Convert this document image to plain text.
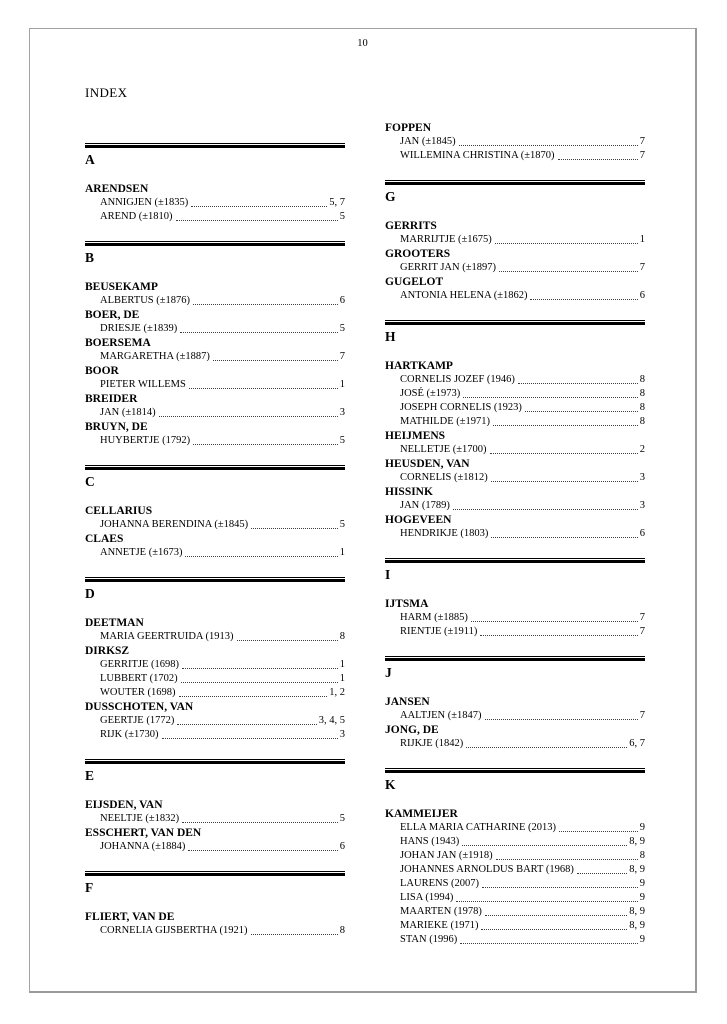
10
INDEX
A
ARENDSEN
ANNIGJEN (±1835)	5, 7
AREND (±1810)	5
B
BEUSEKAMP
ALBERTUS (±1876)	6
BOER, DE
DRIESJE (±1839)	5
BOERSEMA
MARGARETHA (±1887)	7
BOOR
PIETER WILLEMS	1
BREIDER
JAN (±1814)	3
BRUYN, DE
HUYBERTJE (1792)	5
C
CELLARIUS
JOHANNA BERENDINA (±1845)	5
CLAES
ANNETJE (±1673)	1
D
DEETMAN
MARIA GEERTRUIDA (1913)	8
DIRKSZ
GERRITJE (1698)	1
LUBBERT (1702)	1
WOUTER (1698)	1, 2
DUSSCHOTEN, VAN
GEERTJE (1772)	3, 4, 5
RIJK (±1730)	3
E
EIJSDEN, VAN
NEELTJE (±1832)	5
ESSCHERT, VAN DEN
JOHANNA (±1884)	6
F
FLIERT, VAN DE
CORNELIA GIJSBERTHA (1921)	8
FOPPEN
JAN (±1845)	7
WILLEMINA CHRISTINA (±1870)	7
G
GERRITS
MARRIJTJE (±1675)	1
GROOTERS
GERRIT JAN (±1897)	7
GUGELOT
ANTONIA HELENA (±1862)	6
H
HARTKAMP
CORNELIS JOZEF (1946)	8
JOSÉ (±1973)	8
JOSEPH CORNELIS (1923)	8
MATHILDE (±1971)	8
HEIJMENS
NELLETJE (±1700)	2
HEUSDEN, VAN
CORNELIS (±1812)	3
HISSINK
JAN (1789)	3
HOGEVEEN
HENDRIKJE (1803)	6
I
IJTSMA
HARM (±1885)	7
RIENTJE (±1911)	7
J
JANSEN
AALTJEN (±1847)	7
JONG, DE
RIJKJE (1842)	6, 7
K
KAMMEIJER
ELLA MARIA CATHARINE (2013)	9
HANS (1943)	8, 9
JOHAN JAN (±1918)	8
JOHANNES ARNOLDUS BART (1968)	8, 9
LAURENS (2007)	9
LISA (1994)	9
MAARTEN (1978)	8, 9
MARIEKE (1971)	8, 9
STAN (1996)	9
